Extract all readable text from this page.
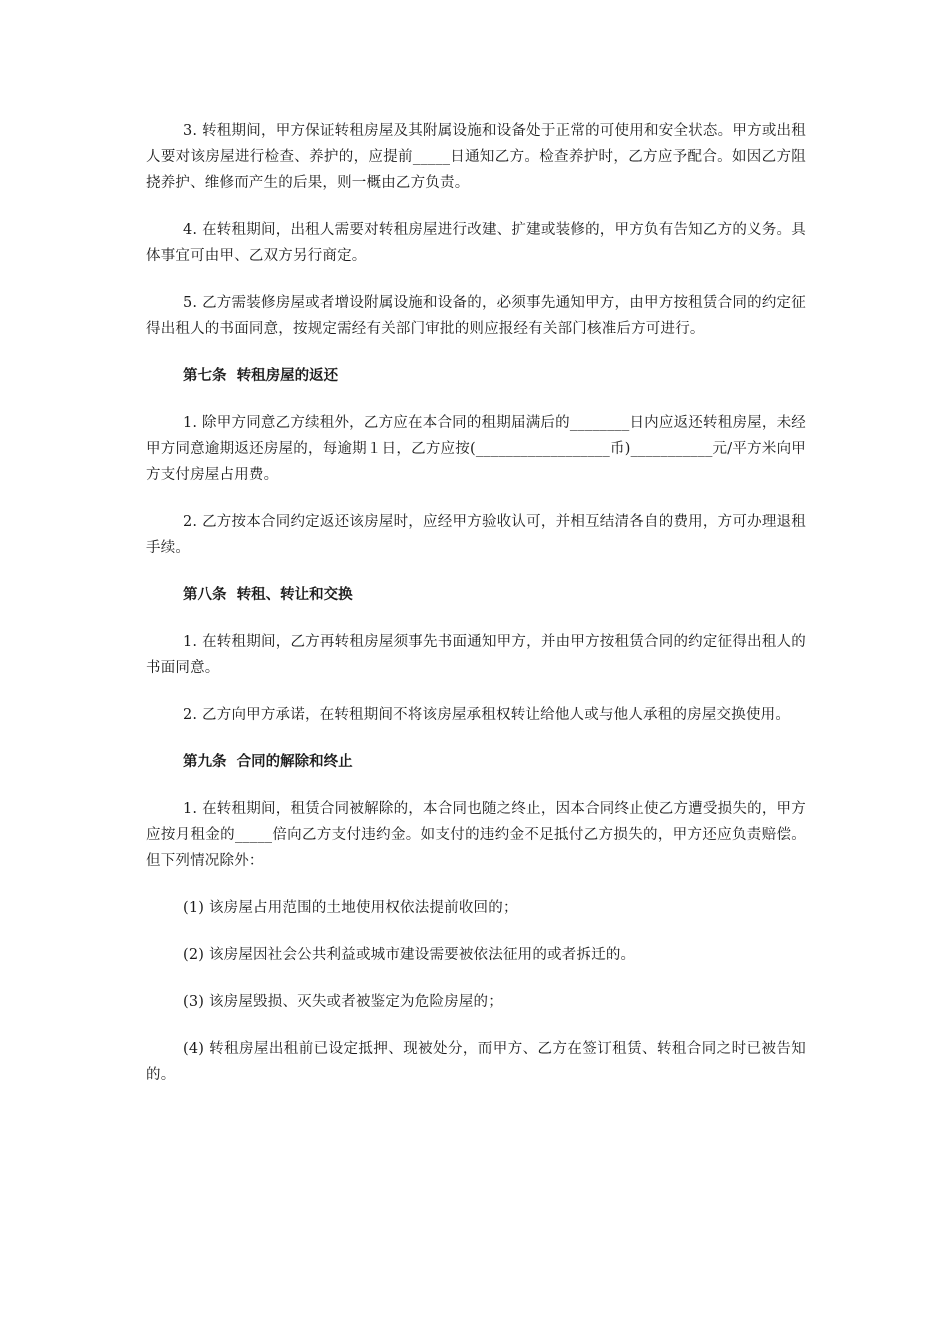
3. 转租期间，甲方保证转租房屋及其附属设施和设备处于正常的可使用和安全状态。甲方或出租人要对该房屋进行检查、养护的，应提前_____日通知乙方。检查养护时，乙方应予配合。如因乙方阻挠养护、维修而产生的后果，则一概由乙方负责。

4. 在转租期间，出租人需要对转租房屋进行改建、扩建或装修的，甲方负有告知乙方的义务。具体事宜可由甲、乙双方另行商定。

5. 乙方需装修房屋或者增设附属设施和设备的，必须事先通知甲方，由甲方按租赁合同的约定征得出租人的书面同意，按规定需经有关部门审批的则应报经有关部门核准后方可进行。

第七条  转租房屋的返还

1. 除甲方同意乙方续租外，乙方应在本合同的租期届满后的________日内应返还转租房屋，未经甲方同意逾期返还房屋的，每逾期１日，乙方应按(__________________币)___________元/平方米向甲方支付房屋占用费。

2. 乙方按本合同约定返还该房屋时，应经甲方验收认可，并相互结清各自的费用，方可办理退租手续。

第八条  转租、转让和交换

1. 在转租期间，乙方再转租房屋须事先书面通知甲方，并由甲方按租赁合同的约定征得出租人的书面同意。

2. 乙方向甲方承诺，在转租期间不将该房屋承租权转让给他人或与他人承租的房屋交换使用。

第九条  合同的解除和终止

1. 在转租期间，租赁合同被解除的，本合同也随之终止，因本合同终止使乙方遭受损失的，甲方应按月租金的_____倍向乙方支付违约金。如支付的违约金不足抵付乙方损失的，甲方还应负责赔偿。但下列情况除外：

(1) 该房屋占用范围的土地使用权依法提前收回的；

(2) 该房屋因社会公共利益或城市建设需要被依法征用的或者拆迁的。

(3) 该房屋毁损、灭失或者被鉴定为危险房屋的；

(4) 转租房屋出租前已设定抵押、现被处分，而甲方、乙方在签订租赁、转租合同之时已被告知的。
